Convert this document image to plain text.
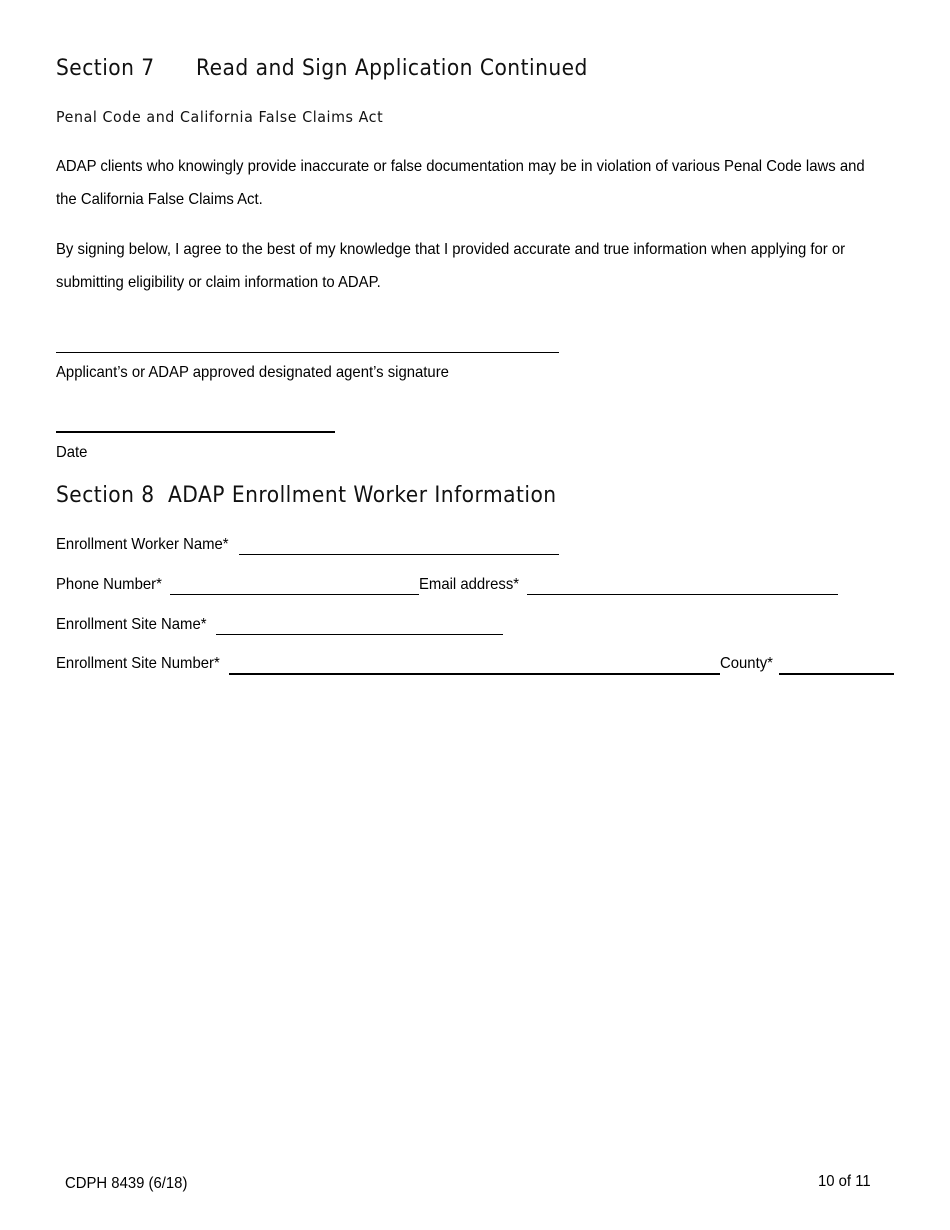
Section 7 Read and Sign Application Continued
Penal Code and California False Claims Act
ADAP clients who knowingly provide inaccurate or false documentation may be in violation of various Penal Code laws and
the California False Claims Act.
By signing below, I agree to the best of my knowledge that I provided accurate and true information when applying for or
submitting eligibility or claim information to ADAP.
Applicant’s or ADAP approved designated agent’s signature
Date
Section 8 ADAP Enrollment Worker Information
Enrollment Worker Name*
Phone Number*	Email address*
Enrollment Site Name*
Enrollment Site Number*	County*
CDPH 8439 (6/18)	10 of 11
